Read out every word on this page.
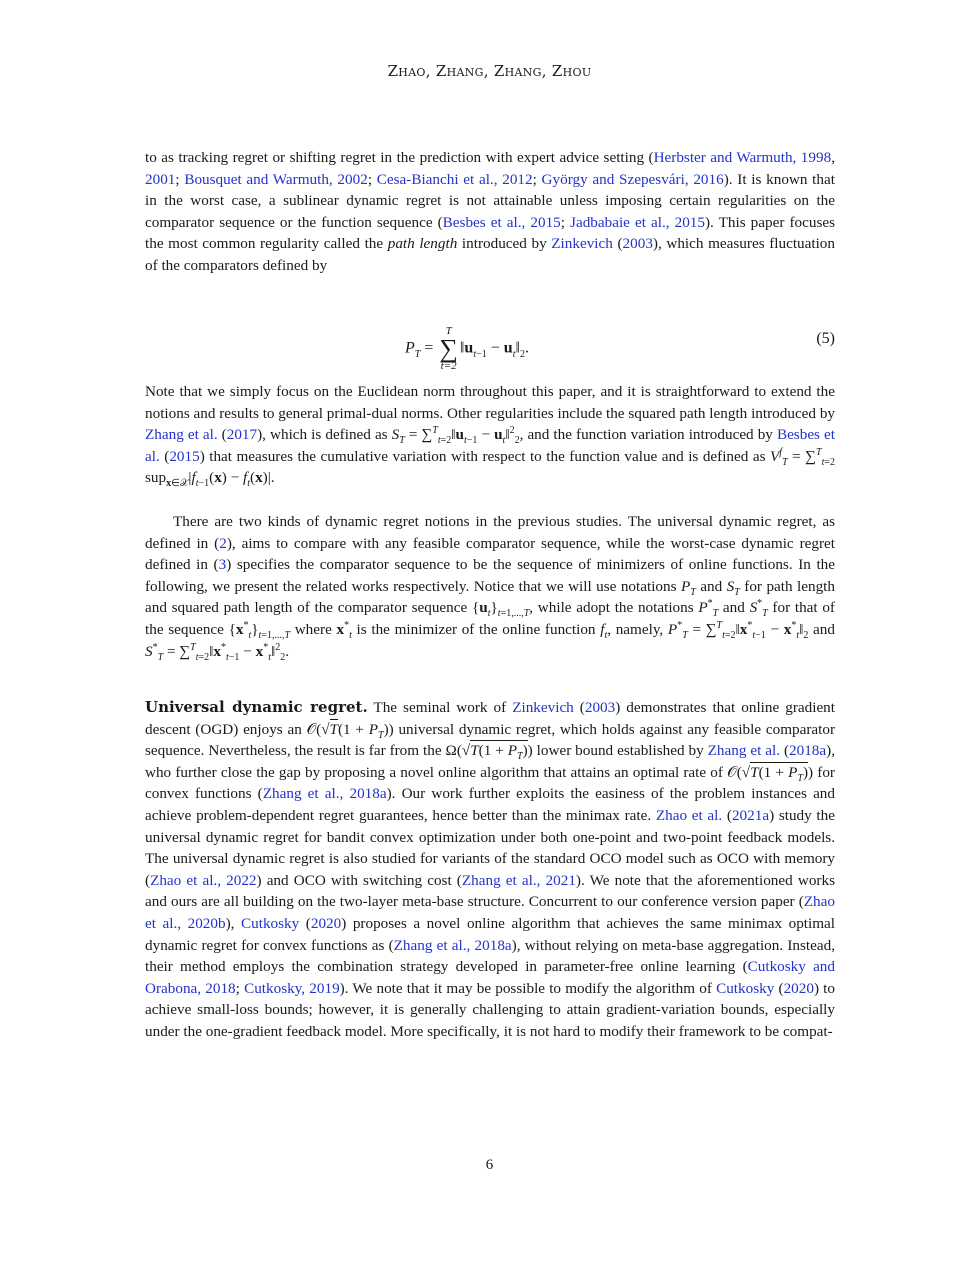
Zhao, Zhang, Zhang, Zhou
to as tracking regret or shifting regret in the prediction with expert advice setting (Herbster and Warmuth, 1998, 2001; Bousquet and Warmuth, 2002; Cesa-Bianchi et al., 2012; György and Szepesvári, 2016). It is known that in the worst case, a sublinear dynamic regret is not attainable unless imposing certain regularities on the comparator sequence or the function sequence (Besbes et al., 2015; Jadbabaie et al., 2015). This paper focuses the most common regularity called the path length introduced by Zinkevich (2003), which measures fluctuation of the comparators defined by
$P_T$ =
T
∑
t=2
$‖u_{t-1}$ − $u_t‖_2$.
(5)
Note that we simply focus on the Euclidean norm throughout this paper, and it is straightforward to extend the notions and results to general primal-dual norms. Other regularities include the squared path length introduced by Zhang et al. (2017), which is defined as $S_T$ = $\sum^T_{t=2}‖u_{t-1}$ − $u_t‖^2_2$, and the function variation introduced by Besbes et al. (2015) that measures the cumulative variation with respect to the function value and is defined as $V^f_T = \sum^T_{t=2}$ $sup_{x\in 𝒳}|f_{t-1}(x) - f_t(x)|$.
There are two kinds of dynamic regret notions in the previous studies. The universal dynamic regret, as defined in (2), aims to compare with any feasible comparator sequence, while the worst-case dynamic regret defined in (3) specifies the comparator sequence to be the sequence of minimizers of online functions. In the following, we present the related works respectively. Notice that we will use notations $P_T$ and $S_T$ for path length and squared path length of the comparator sequence $\{u_t\}_{t=1,...,T}$, while adopt the notations $P^*_T$ and $S^*_T$ for that of the sequence $\{x^*_t\}_{t=1,...,T}$ where $x^*_t$ is the minimizer of the online function $f_t$, namely, $P^*_T$ = $\sum^T_{t=2}‖x^*_{t-1}$ − $x^*_t‖_2$ and $S^*_T$ = $\sum^T_{t=2}‖x^*_{t-1}$ − $x^*_t‖^2_2$.
Universal dynamic regret. The seminal work of Zinkevich (2003) demonstrates that online gradient descent (OGD) enjoys an 𝒪(√T(1 + $P_T$)) universal dynamic regret, which holds against any feasible comparator sequence. Nevertheless, the result is far from the $\Omega(√T(1 + P_T))$ lower bound established by Zhang et al. (2018a), who further close the gap by proposing a novel online algorithm that attains an optimal rate of 𝒪(√T(1 + $P_T$)) for convex functions (Zhang et al., 2018a). Our work further exploits the easiness of the problem instances and achieve problem-dependent regret guarantees, hence better than the minimax rate. Zhao et al. (2021a) study the universal dynamic regret for bandit convex optimization under both one-point and two-point feedback models. The universal dynamic regret is also studied for variants of the standard OCO model such as OCO with memory (Zhao et al., 2022) and OCO with switching cost (Zhang et al., 2021). We note that the aforementioned works and ours are all building on the two-layer meta-base structure. Concurrent to our conference version paper (Zhao et al., 2020b), Cutkosky (2020) proposes a novel online algorithm that achieves the same minimax optimal dynamic regret for convex functions as (Zhang et al., 2018a), without relying on meta-base aggregation. Instead, their method employs the combination strategy developed in parameter-free online learning (Cutkosky and Orabona, 2018; Cutkosky, 2019). We note that it may be possible to modify the algorithm of Cutkosky (2020) to achieve small-loss bounds; however, it is generally challenging to attain gradient-variation bounds, especially under the one-gradient feedback model. More specifically, it is not hard to modify their framework to be compat-
6
